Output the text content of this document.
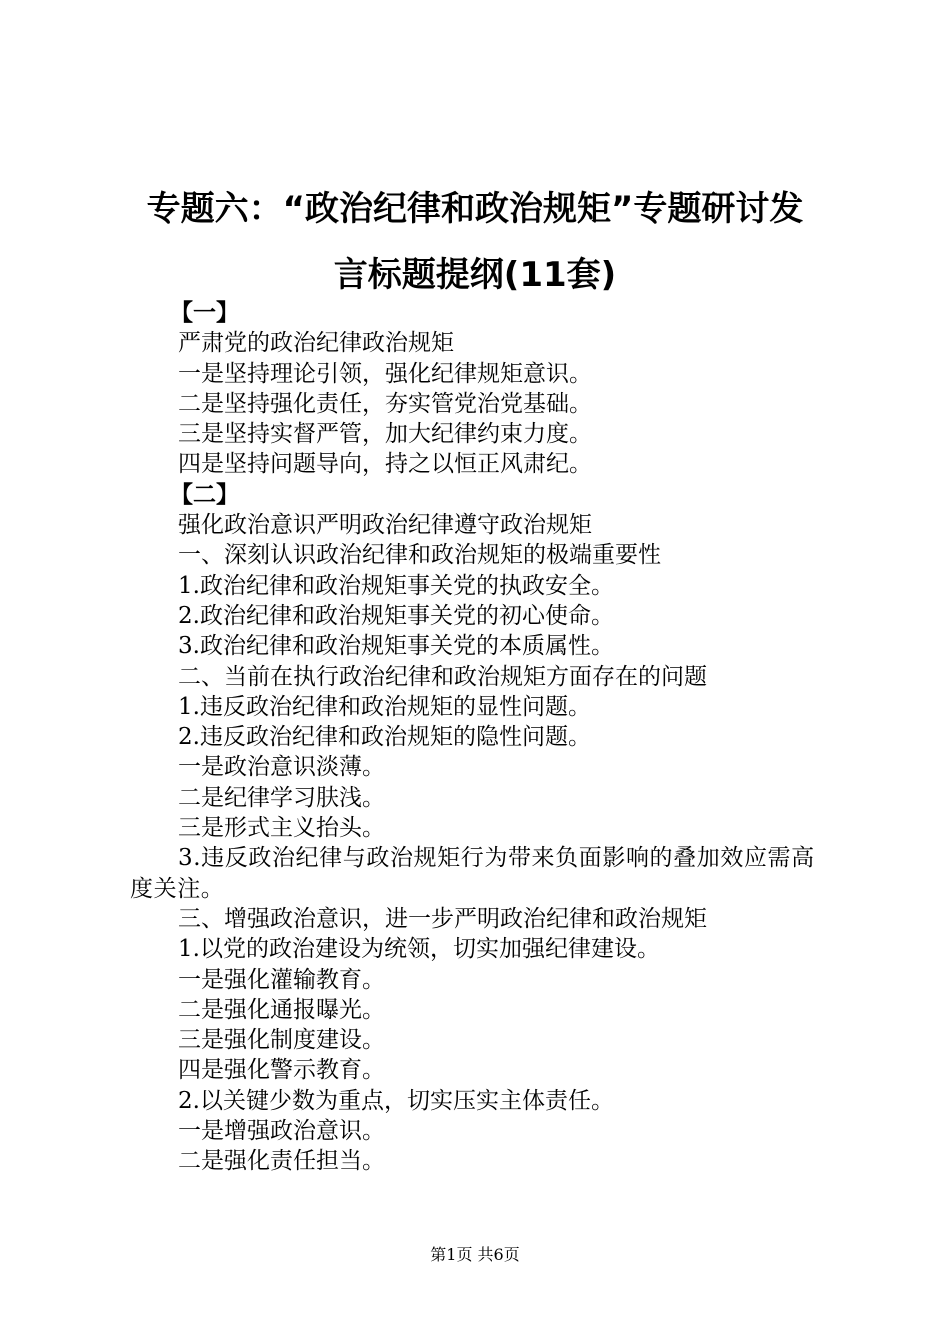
专题六：“政治纪律和政治规矩”专题研讨发
言标题提纲(11套)
【一】
严肃党的政治纪律政治规矩
一是坚持理论引领，强化纪律规矩意识。
二是坚持强化责任，夯实管党治党基础。
三是坚持实督严管，加大纪律约束力度。
四是坚持问题导向，持之以恒正风肃纪。
【二】
强化政治意识严明政治纪律遵守政治规矩
一、深刻认识政治纪律和政治规矩的极端重要性
1.政治纪律和政治规矩事关党的执政安全。
2.政治纪律和政治规矩事关党的初心使命。
3.政治纪律和政治规矩事关党的本质属性。
二、当前在执行政治纪律和政治规矩方面存在的问题
1.违反政治纪律和政治规矩的显性问题。
2.违反政治纪律和政治规矩的隐性问题。
一是政治意识淡薄。
二是纪律学习肤浅。
三是形式主义抬头。
3.违反政治纪律与政治规矩行为带来负面影响的叠加效应需高度关注。
三、增强政治意识，进一步严明政治纪律和政治规矩
1.以党的政治建设为统领，切实加强纪律建设。
一是强化灌输教育。
二是强化通报曝光。
三是强化制度建设。
四是强化警示教育。
2.以关键少数为重点，切实压实主体责任。
一是增强政治意识。
二是强化责任担当。
第1页 共6页
